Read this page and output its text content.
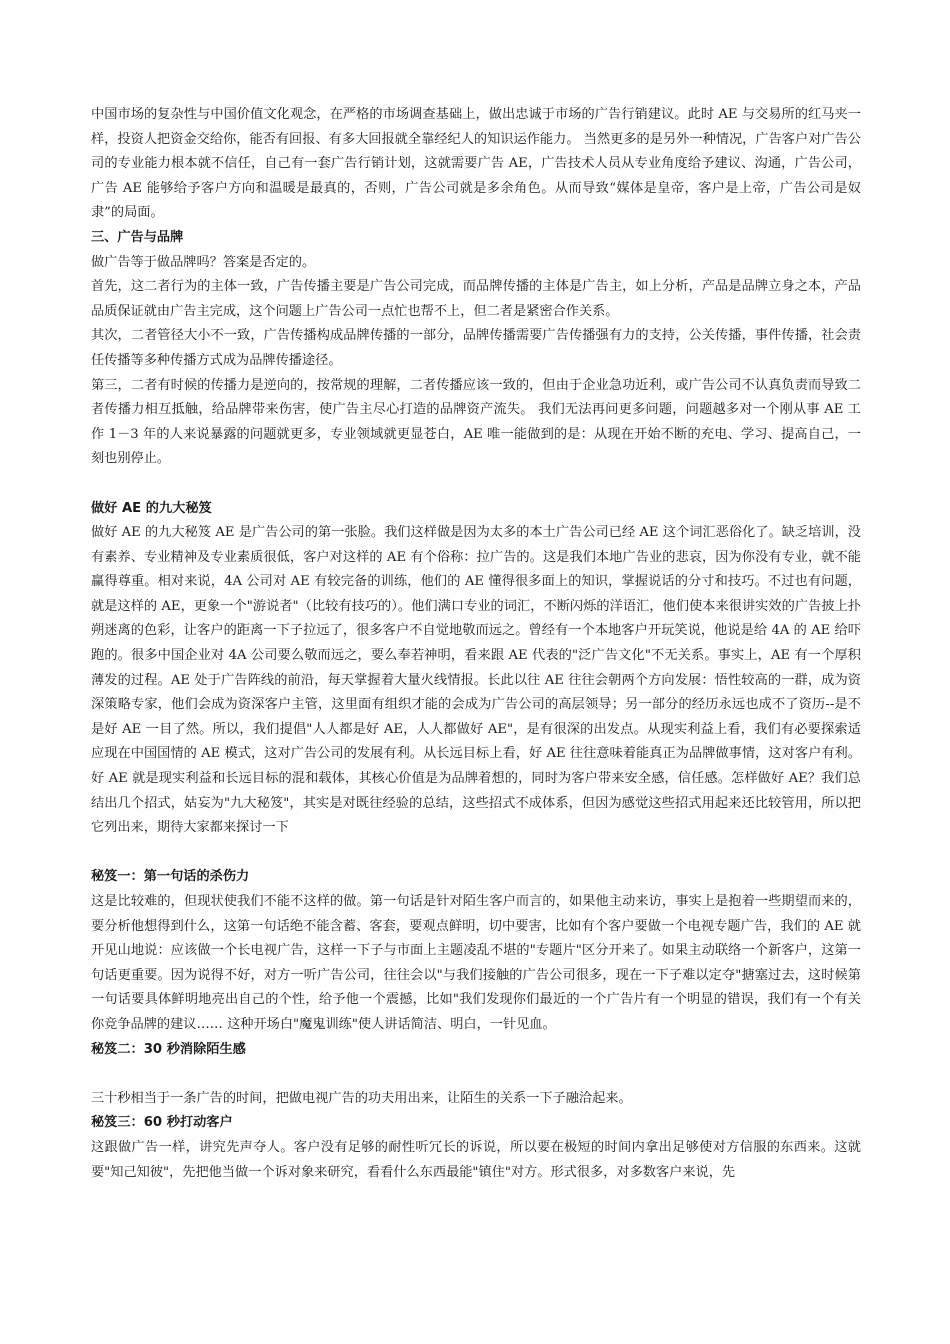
中国市场的复杂性与中国价值文化观念，在严格的市场调查基础上，做出忠诚于市场的广告行销建议。此时 AE 与交易所的红马夹一样，投资人把资金交给你，能否有回报、有多大回报就全靠经纪人的知识运作能力。 当然更多的是另外一种情况，广告客户对广告公司的专业能力根本就不信任，自己有一套广告行销计划，这就需要广告 AE，广告技术人员从专业角度给予建议、沟通，广告公司，广告 AE 能够给予客户方向和温暖是最真的，否则，广告公司就是多余角色。从而导致“媒体是皇帝，客户是上帝，广告公司是奴隶”的局面。

三、广告与品牌

做广告等于做品牌吗？答案是否定的。

首先，这二者行为的主体一致，广告传播主要是广告公司完成，而品牌传播的主体是广告主，如上分析，产品是品牌立身之本，产品品质保证就由广告主完成，这个问题上广告公司一点忙也帮不上，但二者是紧密合作关系。

其次，二者管径大小不一致，广告传播构成品牌传播的一部分，品牌传播需要广告传播强有力的支持，公关传播，事件传播，社会责任传播等多种传播方式成为品牌传播途径。

第三，二者有时候的传播力是逆向的，按常规的理解，二者传播应该一致的，但由于企业急功近利，或广告公司不认真负责而导致二者传播力相互抵触，给品牌带来伤害，使广告主尽心打造的品牌资产流失。 我们无法再问更多问题，问题越多对一个刚从事 AE 工作 1－3 年的人来说暴露的问题就更多，专业领域就更显苍白，AE 唯一能做到的是：从现在开始不断的充电、学习、提高自己，一刻也别停止。

做好 AE 的九大秘笈

做好 AE 的九大秘笈 AE 是广告公司的第一张脸。我们这样做是因为太多的本土广告公司已经 AE 这个词汇恶俗化了。缺乏培训，没有素养、专业精神及专业素质很低，客户对这样的 AE 有个俗称：拉广告的。这是我们本地广告业的悲哀，因为你没有专业，就不能赢得尊重。相对来说，4A 公司对 AE 有较完备的训练，他们的 AE 懂得很多面上的知识，掌握说话的分寸和技巧。不过也有问题，就是这样的 AE，更象一个"游说者"（比较有技巧的）。他们满口专业的词汇，不断闪烁的洋语汇，他们使本来很讲实效的广告披上扑朔迷离的色彩，让客户的距离一下子拉远了，很多客户不自觉地敬而远之。曾经有一个本地客户开玩笑说，他说是给 4A 的 AE 给吓跑的。很多中国企业对 4A 公司要么敬而远之，要么奉若神明，看来跟 AE 代表的"泛广告文化"不无关系。事实上，AE 有一个厚积薄发的过程。AE 处于广告阵线的前沿，每天掌握着大量火线情报。长此以往 AE 往往会朝两个方向发展：悟性较高的一群，成为资深策略专家，他们会成为资深客户主管，这里面有组织才能的会成为广告公司的高层领导；另一部分的经历永远也成不了资历--是不是好 AE 一目了然。所以，我们提倡"人人都是好 AE，人人都做好 AE"，是有很深的出发点。从现实利益上看，我们有必要探索适应现在中国国情的 AE 模式，这对广告公司的发展有利。从长远目标上看，好 AE 往往意味着能真正为品牌做事情，这对客户有利。好 AE 就是现实利益和长远目标的混和载体，其核心价值是为品牌着想的，同时为客户带来安全感，信任感。怎样做好 AE？我们总结出几个招式，姑妄为"九大秘笈"，其实是对既往经验的总结，这些招式不成体系，但因为感觉这些招式用起来还比较管用，所以把它列出来，期待大家都来探讨一下

秘笈一：第一句话的杀伤力

这是比较难的，但现状使我们不能不这样的做。第一句话是针对陌生客户而言的，如果他主动来访，事实上是抱着一些期望而来的，要分析他想得到什么，这第一句话绝不能含蓄、客套，要观点鲜明，切中要害，比如有个客户要做一个电视专题广告，我们的 AE 就开见山地说：应该做一个长电视广告，这样一下子与市面上主题凌乱不堪的"专题片"区分开来了。如果主动联络一个新客户，这第一句话更重要。因为说得不好，对方一听广告公司，往往会以"与我们接触的广告公司很多，现在一下子难以定夺"搪塞过去，这时候第一句话要具体鲜明地亮出自己的个性，给予他一个震撼，比如"我们发现你们最近的一个广告片有一个明显的错误，我们有一个有关你竞争品牌的建议…… 这种开场白"魔鬼训练"使人讲话简洁、明白，一针见血。

秘笈二：30 秒消除陌生感

三十秒相当于一条广告的时间，把做电视广告的功夫用出来，让陌生的关系一下子融洽起来。

秘笈三：60 秒打动客户

这跟做广告一样，讲究先声夺人。客户没有足够的耐性听冗长的诉说，所以要在极短的时间内拿出足够使对方信服的东西来。这就要"知己知彼"，先把他当做一个诉对象来研究，看看什么东西最能"镇住"对方。形式很多，对多数客户来说，先
